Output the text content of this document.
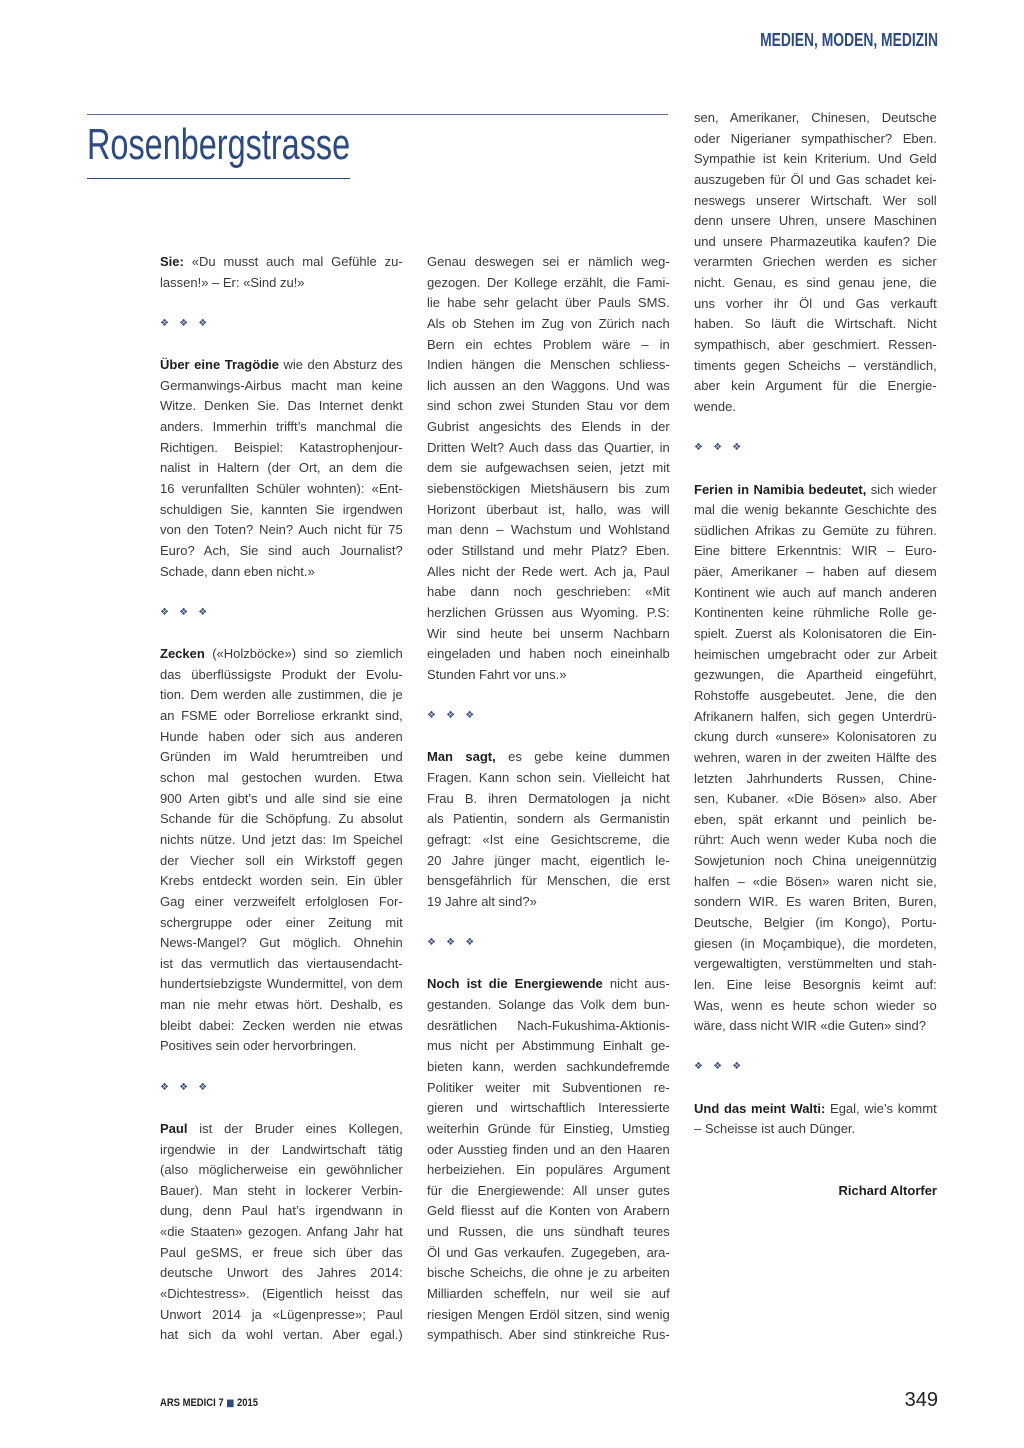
MEDIEN, MODEN, MEDIZIN
Rosenbergstrasse
Sie: «Du musst auch mal Gefühle zu-
lassen!» – Er: «Sind zu!»
❖ ❖ ❖
Über eine Tragödie wie den Absturz des
Germanwings-Airbus macht man keine
Witze. Denken Sie. Das Internet denkt
anders. Immerhin trifft’s manchmal die
Richtigen. Beispiel: Katastrophenjour-
nalist in Haltern (der Ort, an dem die
16 verunfallten Schüler wohnten): «Ent-
schuldigen Sie, kannten Sie irgendwen
von den Toten? Nein? Auch nicht für 75
Euro? Ach, Sie sind auch Journalist?
Schade, dann eben nicht.»
❖ ❖ ❖
Zecken («Holzböcke») sind so ziemlich
das überflüssigste Produkt der Evolu-
tion. Dem werden alle zustimmen, die je
an FSME oder Borreliose erkrankt sind,
Hunde haben oder sich aus anderen
Gründen im Wald herumtreiben und
schon mal gestochen wurden. Etwa
900 Arten gibt’s und alle sind sie eine
Schande für die Schöpfung. Zu absolut
nichts nütze. Und jetzt das: Im Speichel
der Viecher soll ein Wirkstoff gegen
Krebs entdeckt worden sein. Ein übler
Gag einer verzweifelt erfolglosen For-
schergruppe oder einer Zeitung mit
News-Mangel? Gut möglich. Ohnehin
ist das vermutlich das viertausendacht-
hundertsiebzigste Wundermittel, von dem
man nie mehr etwas hört. Deshalb, es
bleibt dabei: Zecken werden nie etwas
Positives sein oder hervorbringen.
❖ ❖ ❖
Paul ist der Bruder eines Kollegen,
irgendwie in der Landwirtschaft tätig
(also möglicherweise ein gewöhnlicher
Bauer). Man steht in lockerer Verbin-
dung, denn Paul hat’s irgendwann in
«die Staaten» gezogen. Anfang Jahr hat
Paul geSMS, er freue sich über das
deutsche Unwort des Jahres 2014:
«Dichtestress». (Eigentlich heisst das
Unwort 2014 ja «Lügenpresse»; Paul
hat sich da wohl vertan. Aber egal.)
Genau deswegen sei er nämlich weg-
gezogen. Der Kollege erzählt, die Fami-
lie habe sehr gelacht über Pauls SMS.
Als ob Stehen im Zug von Zürich nach
Bern ein echtes Problem wäre – in
Indien hängen die Menschen schliess-
lich aussen an den Waggons. Und was
sind schon zwei Stunden Stau vor dem
Gubrist angesichts des Elends in der
Dritten Welt? Auch dass das Quartier, in
dem sie aufgewachsen seien, jetzt mit
siebenstöckigen Mietshäusern bis zum
Horizont überbaut ist, hallo, was will
man denn – Wachstum und Wohlstand
oder Stillstand und mehr Platz? Eben.
Alles nicht der Rede wert. Ach ja, Paul
habe dann noch geschrieben: «Mit
herzlichen Grüssen aus Wyoming. P.S:
Wir sind heute bei unserm Nachbarn
eingeladen und haben noch eineinhalb
Stunden Fahrt vor uns.»
❖ ❖ ❖
Man sagt, es gebe keine dummen
Fragen. Kann schon sein. Vielleicht hat
Frau B. ihren Dermatologen ja nicht
als Patientin, sondern als Germanistin
gefragt: «Ist eine Gesichtscreme, die
20 Jahre jünger macht, eigentlich le-
bensgefährlich für Menschen, die erst
19 Jahre alt sind?»
❖ ❖ ❖
Noch ist die Energiewende nicht aus-
gestanden. Solange das Volk dem bun-
desrätlichen Nach-Fukushima-Aktionis-
mus nicht per Abstimmung Einhalt ge-
bieten kann, werden sachkundefremde
Politiker weiter mit Subventionen re-
gieren und wirtschaftlich Interessierte
weiterhin Gründe für Einstieg, Umstieg
oder Ausstieg finden und an den Haaren
herbeiziehen. Ein populäres Argument
für die Energiewende: All unser gutes
Geld fliesst auf die Konten von Arabern
und Russen, die uns sündhaft teures
Öl und Gas verkaufen. Zugegeben, ara-
bische Scheichs, die ohne je zu arbeiten
Milliarden scheffeln, nur weil sie auf
riesigen Mengen Erdöl sitzen, sind wenig
sympathisch. Aber sind stinkreiche Rus-
sen, Amerikaner, Chinesen, Deutsche
oder Nigerianer sympathischer? Eben.
Sympathie ist kein Kriterium. Und Geld
auszugeben für Öl und Gas schadet kei-
neswegs unserer Wirtschaft. Wer soll
denn unsere Uhren, unsere Maschinen
und unsere Pharmazeutika kaufen? Die
verarmten Griechen werden es sicher
nicht. Genau, es sind genau jene, die
uns vorher ihr Öl und Gas verkauft
haben. So läuft die Wirtschaft. Nicht
sympathisch, aber geschmiert. Ressen-
timents gegen Scheichs – verständlich,
aber kein Argument für die Energie-
wende.
❖ ❖ ❖
Ferien in Namibia bedeutet, sich wieder
mal die wenig bekannte Geschichte des
südlichen Afrikas zu Gemüte zu führen.
Eine bittere Erkenntnis: WIR – Euro-
päer, Amerikaner – haben auf diesem
Kontinent wie auch auf manch anderen
Kontinenten keine rühmliche Rolle ge-
spielt. Zuerst als Kolonisatoren die Ein-
heimischen umgebracht oder zur Arbeit
gezwungen, die Apartheid eingeführt,
Rohstoffe ausgebeutet. Jene, die den
Afrikanern halfen, sich gegen Unterdrü-
ckung durch «unsere» Kolonisatoren zu
wehren, waren in der zweiten Hälfte des
letzten Jahrhunderts Russen, Chine-
sen, Kubaner. «Die Bösen» also. Aber
eben, spät erkannt und peinlich be-
rührt: Auch wenn weder Kuba noch die
Sowjetunion noch China uneigennützig
halfen – «die Bösen» waren nicht sie,
sondern WIR. Es waren Briten, Buren,
Deutsche, Belgier (im Kongo), Portu-
giesen (in Moçambique), die mordeten,
vergewaltigten, verstümmelten und stah-
len. Eine leise Besorgnis keimt auf:
Was, wenn es heute schon wieder so
wäre, dass nicht WIR «die Guten» sind?
❖ ❖ ❖
Und das meint Walti: Egal, wie’s kommt
– Scheisse ist auch Dünger.
Richard Altorfer
ARS MEDICI 7 ■ 2015	349
